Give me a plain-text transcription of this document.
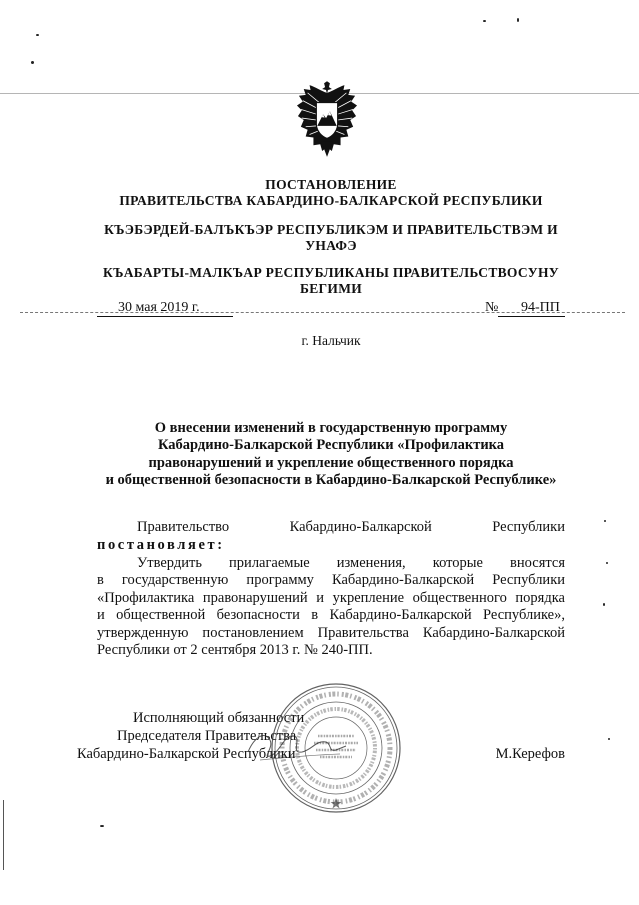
ПОСТАНОВЛЕНИЕ
ПРАВИТЕЛЬСТВА КАБАРДИНО-БАЛКАРСКОЙ РЕСПУБЛИКИ
КЪЭБЭРДЕЙ-БАЛЪКЪЭР РЕСПУБЛИКЭМ И ПРАВИТЕЛЬСТВЭМ И
УНАФЭ
КЪАБАРТЫ-МАЛКЪАР РЕСПУБЛИКАНЫ ПРАВИТЕЛЬСТВОСУНУ
БЕГИМИ
30 мая 2019 г.	№ 94-ПП
г. Нальчик
О внесении изменений в государственную программу
Кабардино-Балкарской Республики «Профилактика
правонарушений и укрепление общественного порядка
и общественной безопасности в Кабардино-Балкарской Республике»
Правительство Кабардино-Балкарской Республики
постановляет:
Утвердить прилагаемые изменения, которые вносятся
в государственную программу Кабардино-Балкарской Республики
«Профилактика правонарушений и укрепление общественного порядка
и общественной безопасности в Кабардино-Балкарской Республике»,
утвержденную постановлением Правительства Кабардино-Балкарской
Республики от 2 сентября 2013 г. № 240-ПП.
Исполняющий обязанности
Председателя Правительства
Кабардино-Балкарской Республики	М.Керефов
